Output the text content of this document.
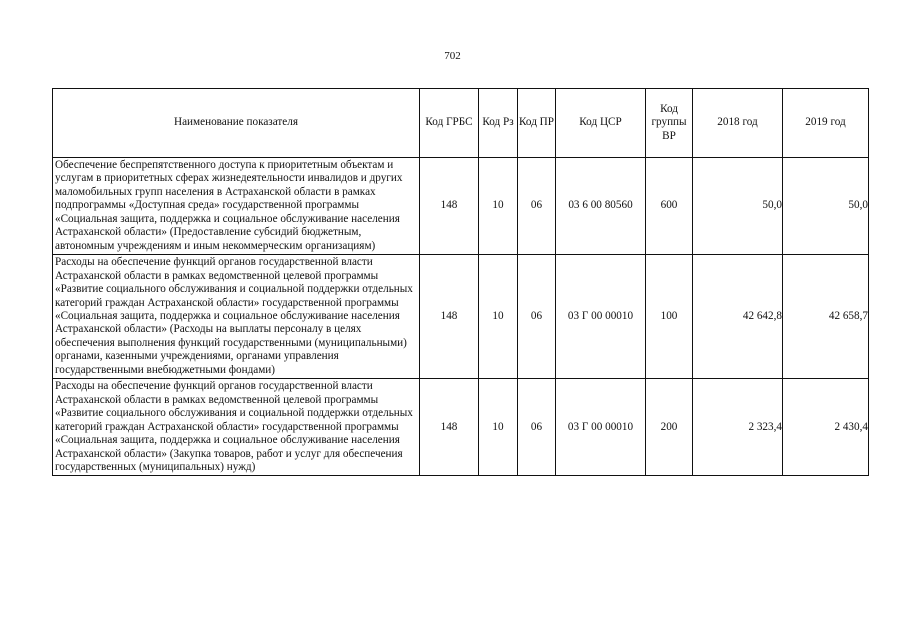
702
Наименование показателя	Код ГРБС	Код Рз	Код ПР	Код ЦСР	Код группы ВР	2018 год	2019 год

Обеспечение беспрепятственного доступа к приоритетным объектам и услугам в приоритетных сферах жизнедеятельности инвалидов и других маломобильных групп населения в Астраханской области в рамках подпрограммы «Доступная среда» государственной программы «Социальная защита, поддержка и социальное обслуживание населения Астраханской области» (Предоставление субсидий бюджетным, автономным учреждениям и иным некоммерческим организациям)	148	10	06	03 6 00 80560	600	50,0	50,0
Расходы на обеспечение функций органов государственной власти Астраханской области в рамках ведомственной целевой программы «Развитие социального обслуживания и социальной поддержки отдельных категорий граждан Астраханской области» государственной программы «Социальная защита, поддержка и социальное обслуживание населения Астраханской области» (Расходы на выплаты персоналу в целях обеспечения выполнения функций государственными (муниципальными) органами, казенными учреждениями, органами управления государственными внебюджетными фондами)	148	10	06	03 Г 00 00010	100	42 642,8	42 658,7
Расходы на обеспечение функций органов государственной власти Астраханской области в рамках ведомственной целевой программы «Развитие социального обслуживания и социальной поддержки отдельных категорий граждан Астраханской области» государственной программы «Социальная защита, поддержка и социальное обслуживание населения Астраханской области» (Закупка товаров, работ и услуг для обеспечения государственных (муниципальных) нужд)	148	10	06	03 Г 00 00010	200	2 323,4	2 430,4
